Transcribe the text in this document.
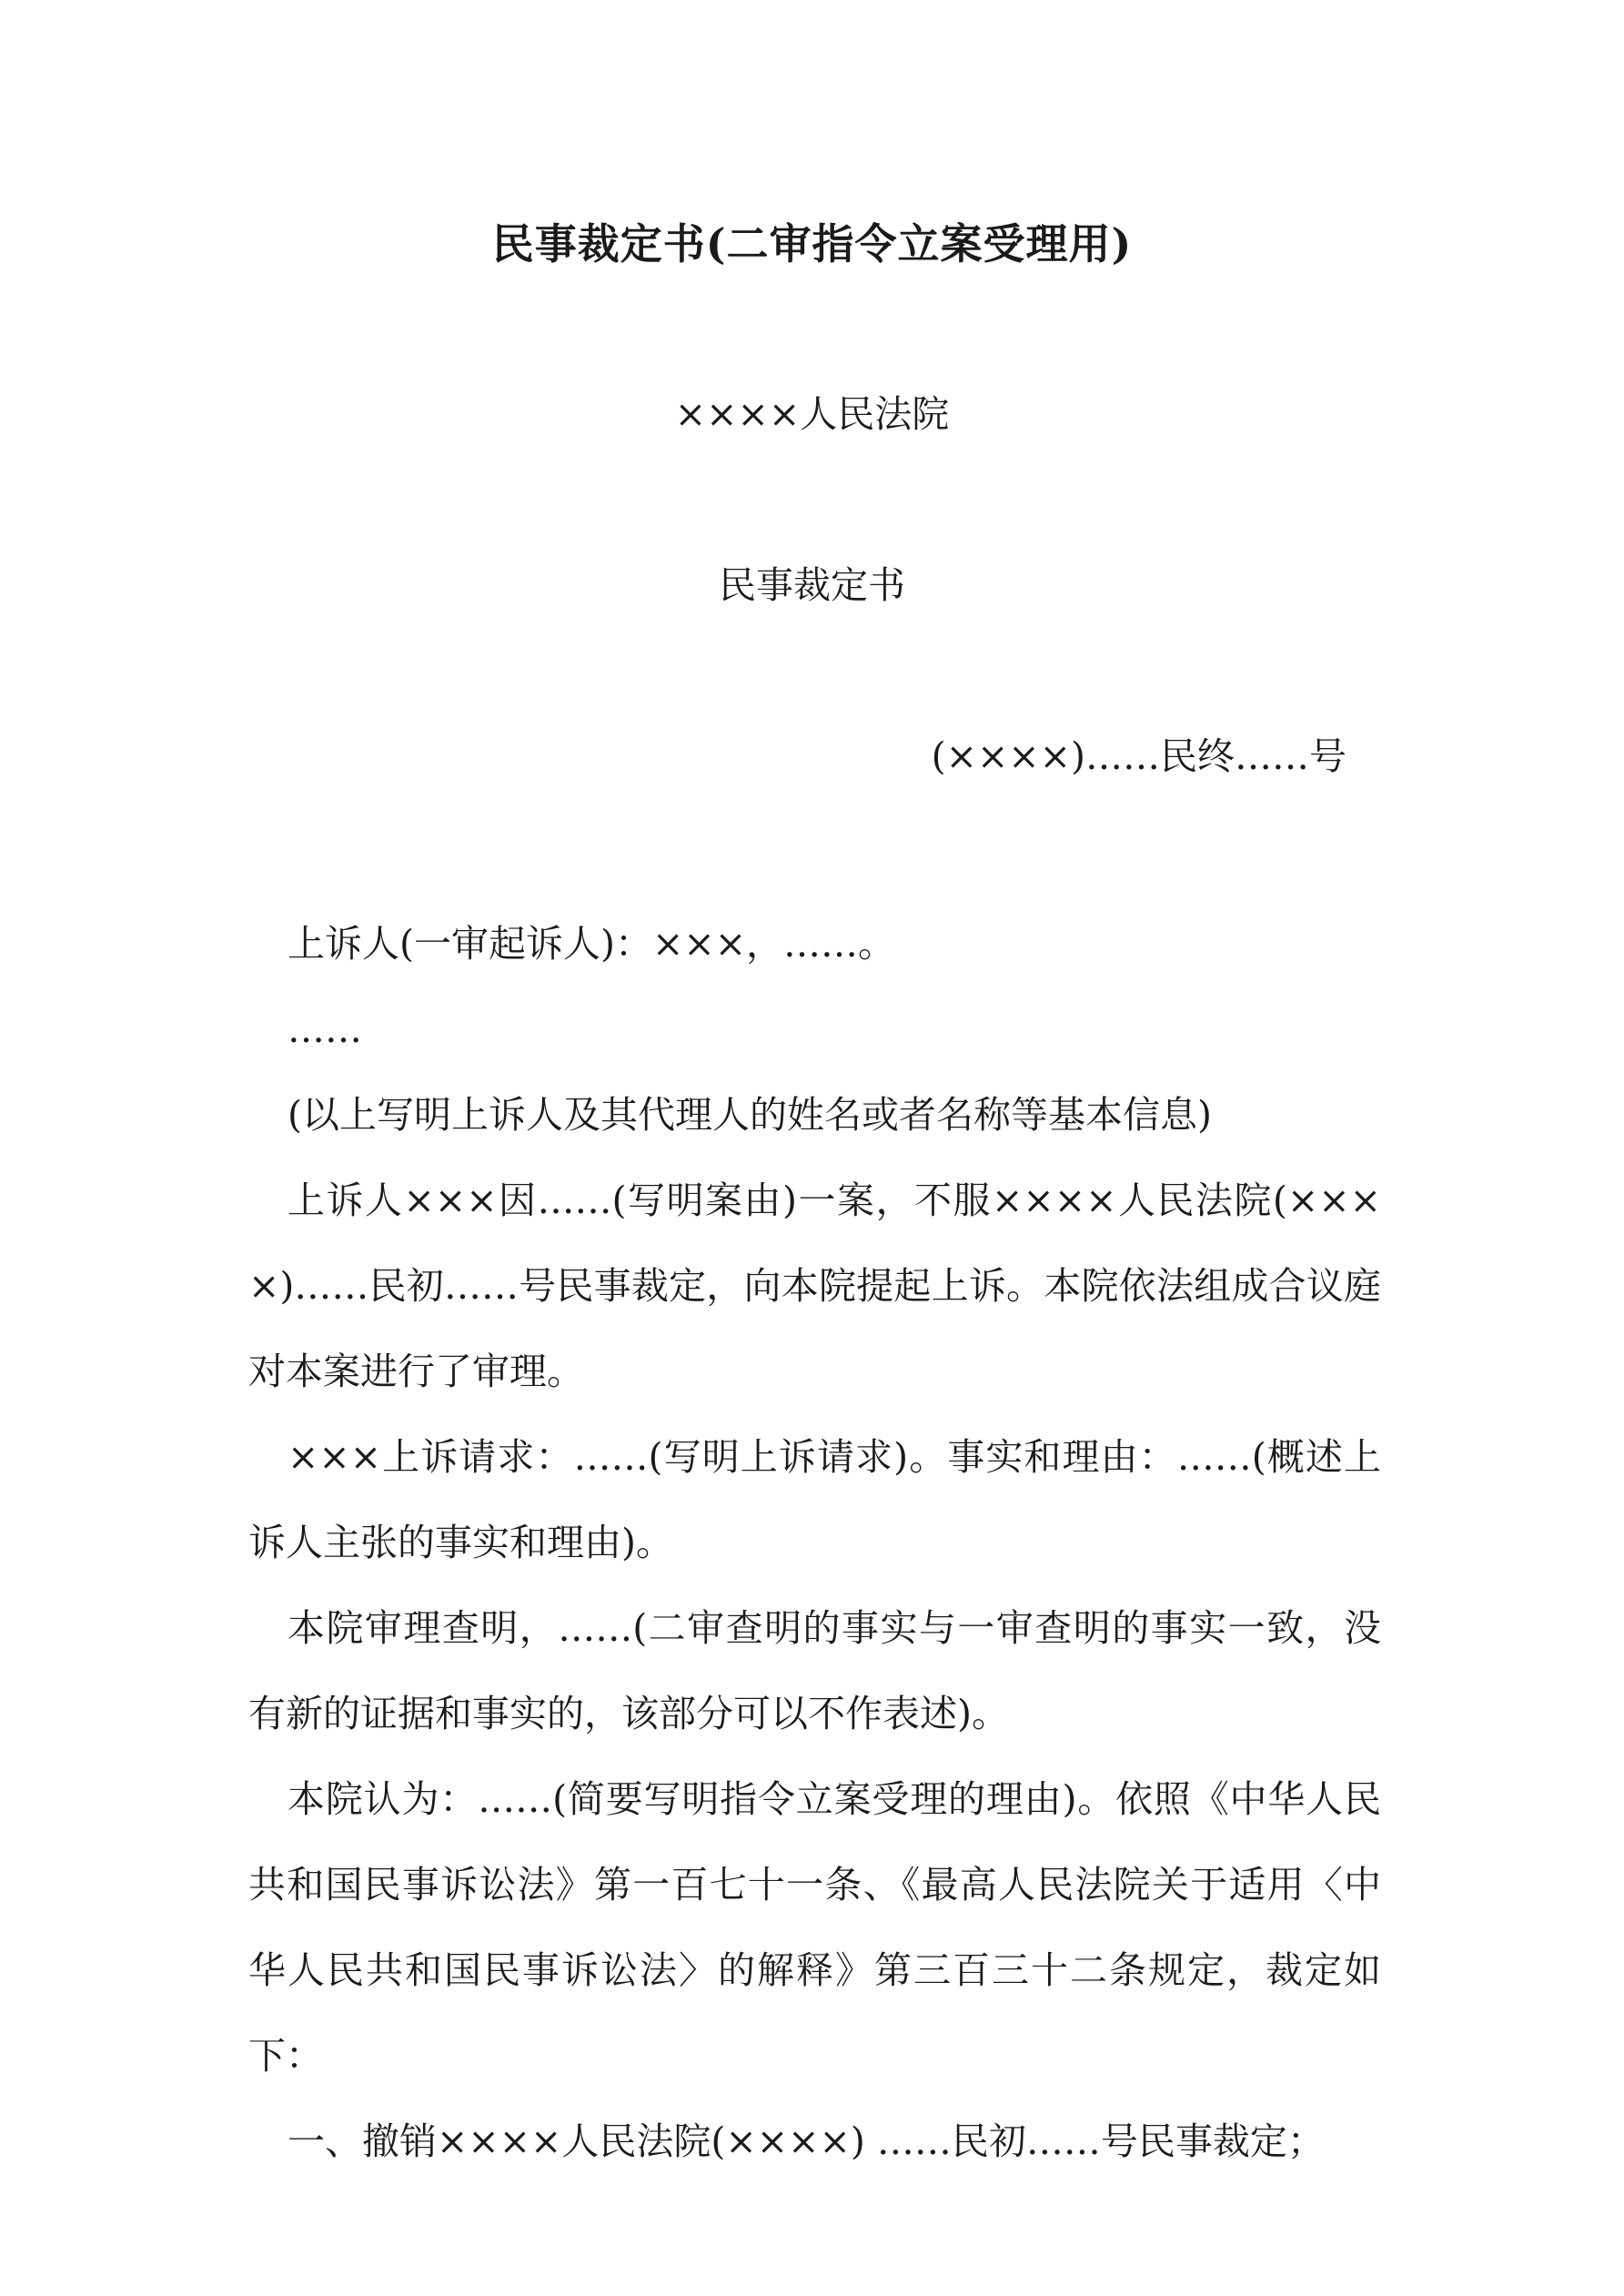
民事裁定书(二审指令立案受理用)
××××人民法院
民事裁定书
(××××)……民终……号

上诉人(一审起诉人)：×××，……。

……

(以上写明上诉人及其代理人的姓名或者名称等基本信息)

上诉人×××因……(写明案由)一案，不服××××人民法院(××××)……民初……号民事裁定，向本院提起上诉。本院依法组成合议庭对本案进行了审理。

×××上诉请求：……(写明上诉请求)。事实和理由：……(概述上诉人主张的事实和理由)。

本院审理查明，……(二审查明的事实与一审查明的事实一致，没有新的证据和事实的，该部分可以不作表述)。

本院认为：……(简要写明指令立案受理的理由)。依照《中华人民共和国民事诉讼法》第一百七十一条、《最高人民法院关于适用〈中华人民共和国民事诉讼法〉的解释》第三百三十二条规定，裁定如下：

一、撤销××××人民法院(××××) ……民初……号民事裁定；
